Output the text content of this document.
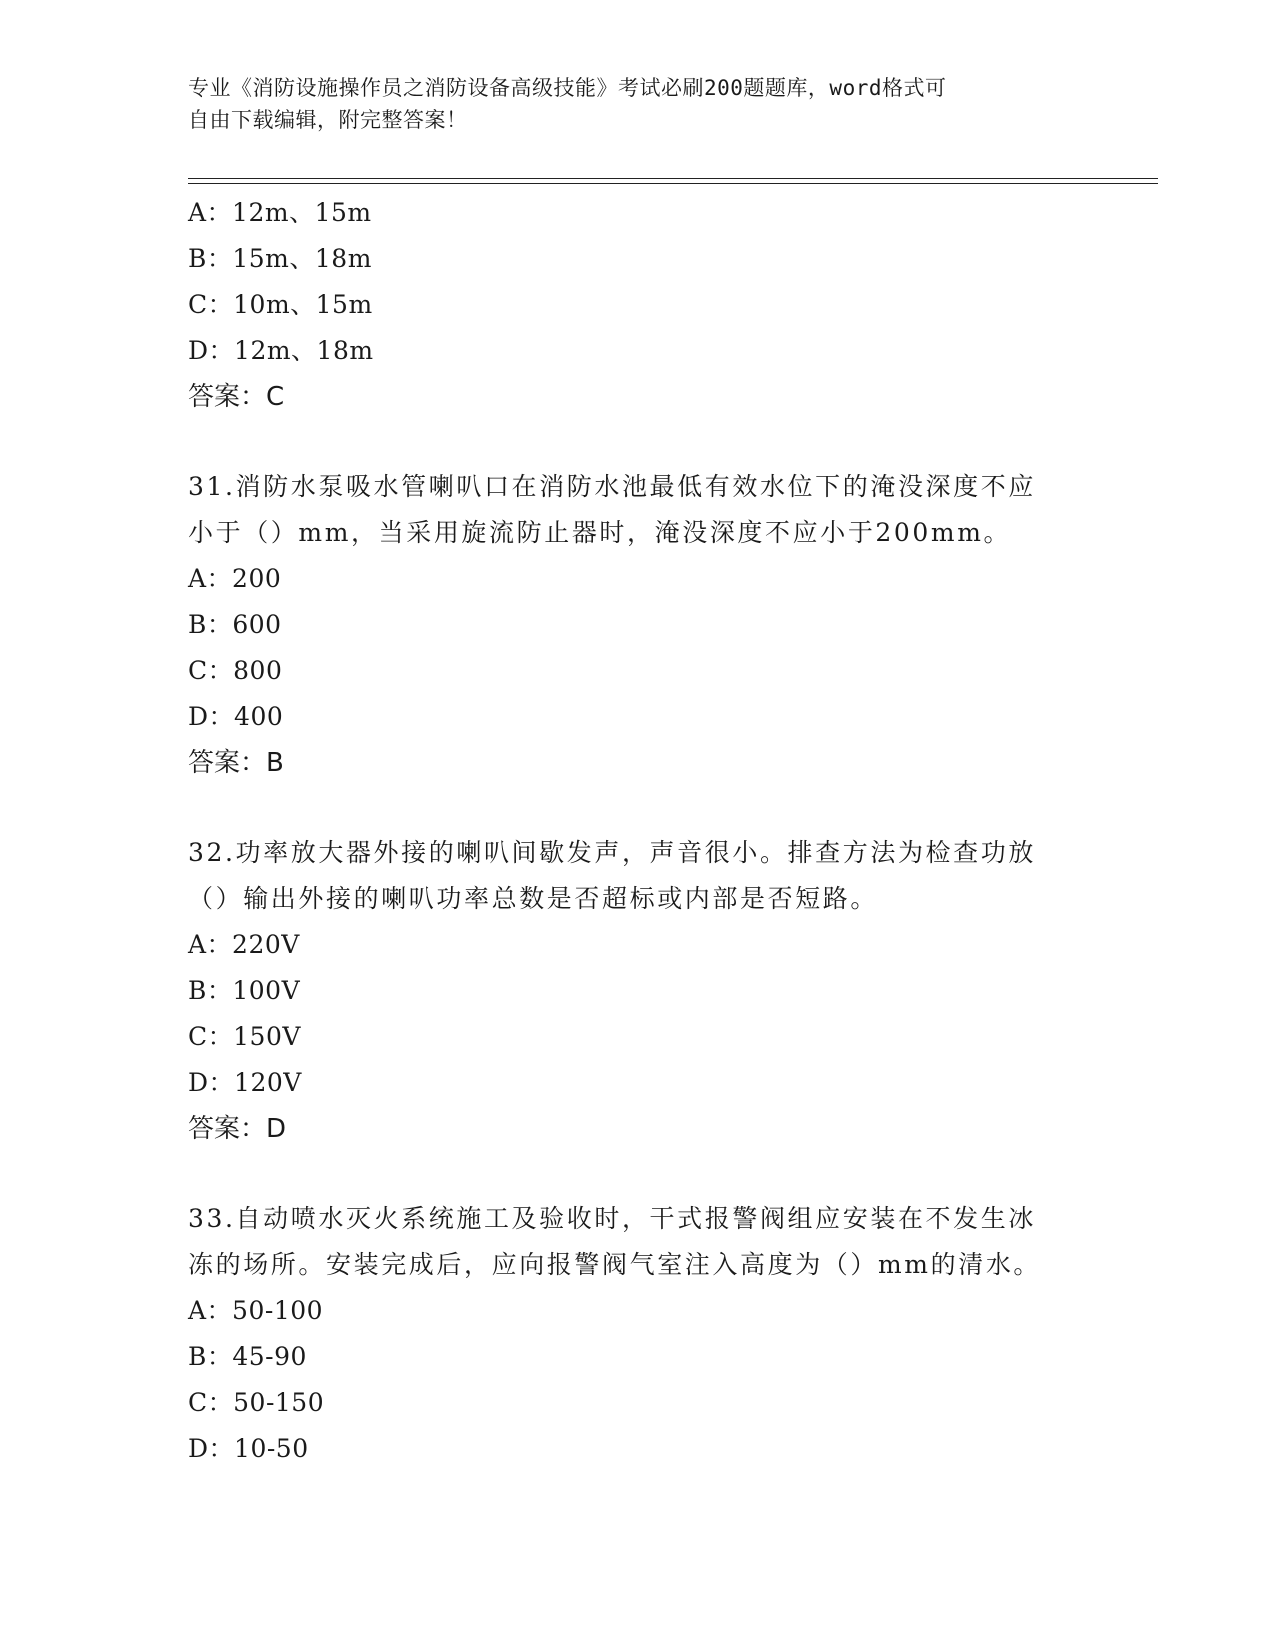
专业《消防设施操作员之消防设备高级技能》考试必刷200题题库，word格式可
自由下载编辑，附完整答案！
A：12m、15m
B：15m、18m
C：10m、15m
D：12m、18m
答案：C
31.消防水泵吸水管喇叭口在消防水池最低有效水位下的淹没深度不应
小于（）mm，当采用旋流防止器时，淹没深度不应小于200mm。
A：200
B：600
C：800
D：400
答案：B
32.功率放大器外接的喇叭间歇发声，声音很小。排查方法为检查功放
（）输出外接的喇叭功率总数是否超标或内部是否短路。
A：220V
B：100V
C：150V
D：120V
答案：D
33.自动喷水灭火系统施工及验收时，干式报警阀组应安装在不发生冰
冻的场所。安装完成后，应向报警阀气室注入高度为（）mm的清水。
A：50-100
B：45-90
C：50-150
D：10-50
